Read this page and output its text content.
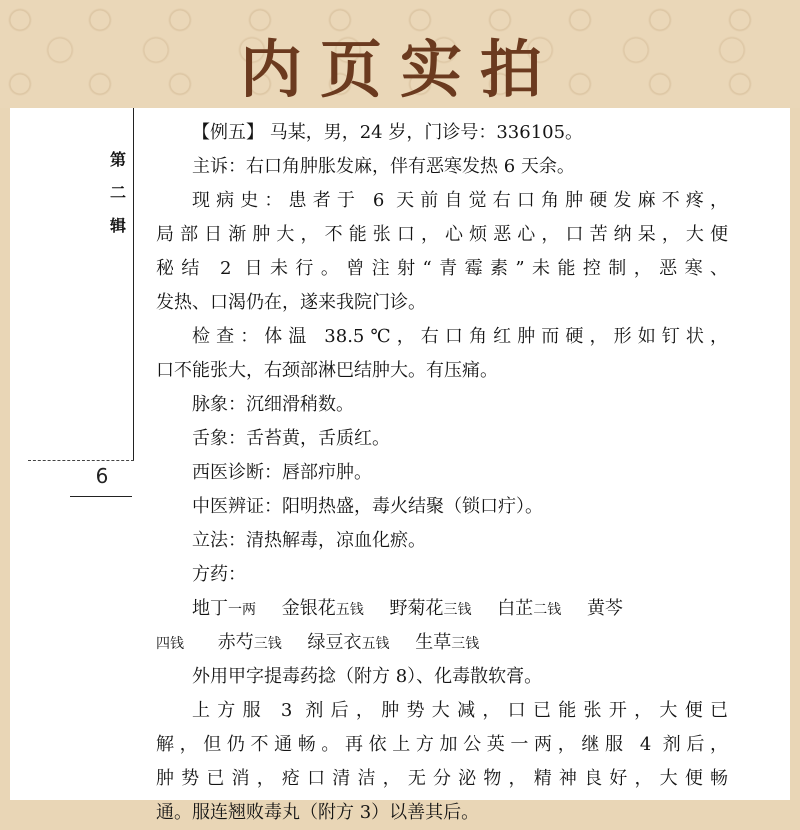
内页实拍
第
二
辑
6
【例五】 马某，男，24 岁，门诊号：336105。
主诉：右口角肿胀发麻，伴有恶寒发热 6 天余。
现病史：患者于 6 天前自觉右口角肿硬发麻不疼，
局部日渐肿大，不能张口，心烦恶心，口苦纳呆，大便
秘结 2 日未行。曾注射“青霉素”未能控制，恶寒、
发热、口渴仍在，遂来我院门诊。
检查：体温 38.5℃，右口角红肿而硬，形如钉状，
口不能张大，右颈部淋巴结肿大。有压痛。
脉象：沉细滑稍数。
舌象：舌苔黄，舌质红。
西医诊断：唇部疖肿。
中医辨证：阳明热盛，毒火结聚（锁口疔）。
立法：清热解毒，凉血化瘀。
方药：
地丁一两 金银花五钱 野菊花三钱 白芷二钱 黄芩
四钱 赤芍三钱 绿豆衣五钱 生草三钱
外用甲字提毒药捻（附方 8）、化毒散软膏。
上方服 3 剂后，肿势大减，口已能张开，大便已
解，但仍不通畅。再依上方加公英一两，继服 4 剂后，
肿势已消，疮口清洁，无分泌物，精神良好，大便畅
通。服连翘败毒丸（附方 3）以善其后。
